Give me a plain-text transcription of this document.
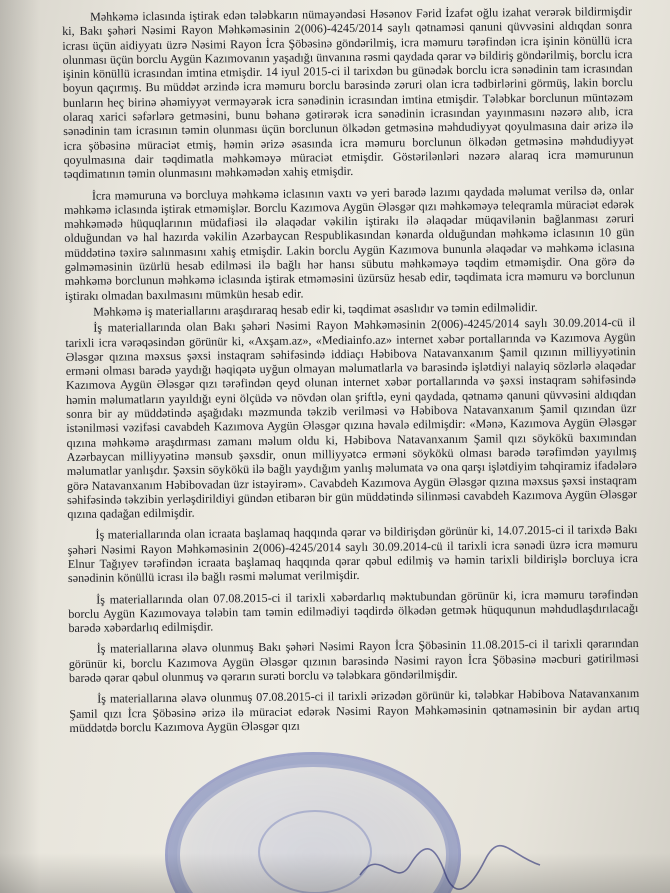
Məhkəmə iclasında iştirak edən tələbkarın nümayəndəsi Həsənov Fərid İzafət oğlu izahat verərək bildirmişdir ki, Bakı şəhəri Nəsimi Rayon Məhkəməsinin 2(006)-4245/2014 saylı qətnaməsi qanuni qüvvəsini aldıqdan sonra icrası üçün aidiyyatı üzrə Nəsimi Rayon İcra Şöbəsinə göndərilmiş, icra məmuru tərəfindən icra işinin könüllü icra olunması üçün borclu Aygün Kazımovanın yaşadığı ünvanına rəsmi qaydada qərar və bildiriş göndərilmiş, borclu icra işinin könüllü icrasından imtina etmişdir. 14 iyul 2015-ci il tarixdən bu günədək borclu icra sənədinin tam icrasından boyun qaçırmış. Bu müddət ərzində icra məmuru borclu barəsində zəruri olan icra tədbirlərini görmüş, lakin borclu bunların heç birinə əhəmiyyət verməyərək icra sənədinin icrasından imtina etmişdir. Tələbkar borclunun müntəzəm olaraq xarici səfərlərə getməsini, bunu bəhanə gətirərək icra sənədinin icrasından yayınmasını nəzərə alıb, icra sənədinin tam icrasının təmin olunması üçün borclunun ölkədən getməsinə məhdudiyyət qoyulmasına dair ərizə ilə icra şöbəsinə müraciət etmiş, həmin ərizə əsasında icra məmuru borclunun ölkədən getməsinə məhdudiyyət qoyulmasına dair təqdimatla məhkəməyə müraciət etmişdir. Göstərilənləri nəzərə alaraq icra məmurunun təqdimatının təmin olunmasını məhkəmədən xahiş etmişdir.

İcra məmuruna və borcluya məhkəmə iclasının vaxtı və yeri barədə lazımı qaydada məlumat verilsə də, onlar məhkəmə iclasında iştirak etməmişlər. Borclu Kazımova Aygün Ələsgər qızı məhkəməyə teleqramla müraciət edərək məhkəmədə hüquqlarının müdafiəsi ilə əlaqədar vəkilin iştirakı ilə əlaqədar müqavilənin bağlanması zəruri olduğundan və hal hazırda vəkilin Azərbaycan Respublikasından kənarda olduğundan məhkəmə iclasının 10 gün müddətinə təxirə salınmasını xahiş etmişdir. Lakin borclu Aygün Kazımova bununla əlaqədar və məhkəmə iclasına gəlməməsinin üzürlü hesab edilməsi ilə bağlı hər hansı sübutu məhkəməyə təqdim etməmişdir. Ona görə də məhkəmə borclunun məhkəmə iclasında iştirak etməməsini üzürsüz hesab edir, təqdimata icra məmuru və borclunun iştirakı olmadan baxılmasını mümkün hesab edir.

Məhkəmə iş materiallarını araşdıraraq hesab edir ki, təqdimat əsaslıdır və təmin edilməlidir.

İş materiallarında olan Bakı şəhəri Nəsimi Rayon Məhkəməsinin 2(006)-4245/2014 saylı 30.09.2014-cü il tarixli icra vərəqəsindən görünür ki, «Axşam.az», «Mediainfo.az» internet xəbər portallarında və Kazımova Aygün Ələsgər qızına məxsus şəxsi instaqram səhifəsində iddiaçı Həbibova Natavanxanım Şamil qızının milliyyətinin erməni olması barədə yaydığı həqiqətə uyğun olmayan məlumatlarla və barəsində işlətdiyi nalayiq sözlərlə əlaqədar Kazımova Aygün Ələsgər qızı tərəfindən qeyd olunan internet xəbər portallarında və şəxsi instaqram səhifəsində həmin məlumatların yayıldığı eyni ölçüdə və növdən olan şriftlə, eyni qaydada, qətnamə qanuni qüvvəsini aldıqdan sonra bir ay müddətində aşağıdakı məzmunda təkzib verilməsi və Həbibova Natavanxanım Şamil qızından üzr istənilməsi vəzifəsi cavabdeh Kazımova Aygün Ələsgər qızına həvalə edilmişdir: «Mənə, Kazımova Aygün Ələsgər qızına məhkəmə araşdırması zamanı məlum oldu ki, Həbibova Natavanxanım Şamil qızı söykökü baxımından Azərbaycan milliyyətinə mənsub şəxsdir, onun milliyyətcə erməni söykökü olması barədə tərəfimdən yayılmış məlumatlar yanlışdır. Şəxsin söykökü ilə bağlı yaydığım yanlış məlumata və ona qarşı işlətdiyim təhqiramiz ifadələrə görə Natavanxanım Həbibovadan üzr istəyirəm». Cavabdeh Kazımova Aygün Ələsgər qızına məxsus şəxsi instaqram səhifəsində təkzibin yerləşdirildiyi gündən etibarən bir gün müddətində silinməsi cavabdeh Kazımova Aygün Ələsgər qızına qadağan edilmişdir.

İş materiallarında olan icraata başlamaq haqqında qərar və bildirişdən görünür ki, 14.07.2015-ci il tarixdə Bakı şəhəri Nəsimi Rayon Məhkəməsinin 2(006)-4245/2014 saylı 30.09.2014-cü il tarixli icra sənədi üzrə icra məmuru Elnur Tağıyev tərəfindən icraata başlamaq haqqında qərar qəbul edilmiş və həmin tarixli bildirişlə borcluya icra sənədinin könüllü icrası ilə bağlı rəsmi məlumat verilmişdir.

İş materiallarında olan 07.08.2015-ci il tarixli xəbərdarlıq məktubundan görünür ki, icra məmuru tərəfindən borclu Aygün Kazımovaya tələbin tam təmin edilmədiyi təqdirdə ölkədən getmək hüququnun məhdudlaşdırılacağı barədə xəbərdarlıq edilmişdir.

İş materiallarına əlavə olunmuş Bakı şəhəri Nəsimi Rayon İcra Şöbəsinin 11.08.2015-ci il tarixli qərarından görünür ki, borclu Kazımova Aygün Ələsgər qızının barəsində Nəsimi rayon İcra Şöbəsinə məcburi gətirilməsi barədə qərar qəbul olunmuş və qərarın surəti borclu və tələbkara göndərilmişdir.

İş materiallarına əlavə olunmuş 07.08.2015-ci il tarixli ərizədən görünür ki, tələbkar Həbibova Natavanxanım Şamil qızı İcra Şöbəsinə ərizə ilə müraciət edərək Nəsimi Rayon Məhkəməsinin qətnaməsinin bir aydan artıq müddətdə borclu Kazımova Aygün Ələsgər qızı
